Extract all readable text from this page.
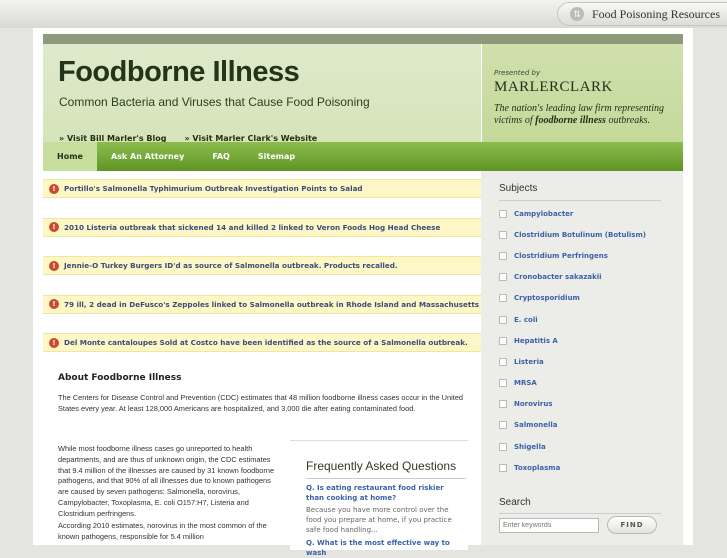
⇅ Food Poisoning Resources
Foodborne Illness
Common Bacteria and Viruses that Cause Food Poisoning
» Visit Bill Marler's Blog » Visit Marler Clark's Website
Presented by
MARLERCLARK
The nation's leading law firm representing victims of foodborne illness outbreaks.
Home	Ask An Attorney	FAQ	Sitemap
!	Portillo's Salmonella Typhimurium Outbreak Investigation Points to Salad
!	2010 Listeria outbreak that sickened 14 and killed 2 linked to Veron Foods Hog Head Cheese
!	Jennie-O Turkey Burgers ID'd as source of Salmonella outbreak. Products recalled.
!	79 ill, 2 dead in DeFusco's Zeppoles linked to Salmonella outbreak in Rhode Island and Massachusetts
!	Del Monte cantaloupes Sold at Costco have been identified as the source of a Salmonella outbreak.
About Foodborne Illness
The Centers for Disease Control and Prevention (CDC) estimates that 48 million foodborne illness cases occur in the United States every year. At least 128,000 Americans are hospitalized, and 3,000 die after eating contaminated food.
While most foodborne illness cases go unreported to health departments, and are thus of unknown origin, the CDC estimates that 9.4 million of the illnesses are caused by 31 known foodborne pathogens, and that 90% of all illnesses due to known pathogens are caused by seven pathogens: Salmonella, norovirus, Campylobacter, Toxoplasma, E. coli O157:H7, Listeria and Clostridium perfringens.
According 2010 estimates, norovirus in the most common of the known pathogens, responsible for 5.4 million
Frequently Asked Questions
Q. Is eating restaurant food riskier than cooking at home?
Because you have more control over the food you prepare at home, if you practice safe food handling...
Q. What is the most effective way to wash
Subjects
Campylobacter
Clostridium Botulinum (Botulism)
Clostridium Perfringens
Cronobacter sakazakii
Cryptosporidium
E. coli
Hepatitis A
Listeria
MRSA
Norovirus
Salmonella
Shigella
Toxoplasma
Search
Enter keywords
FIND
